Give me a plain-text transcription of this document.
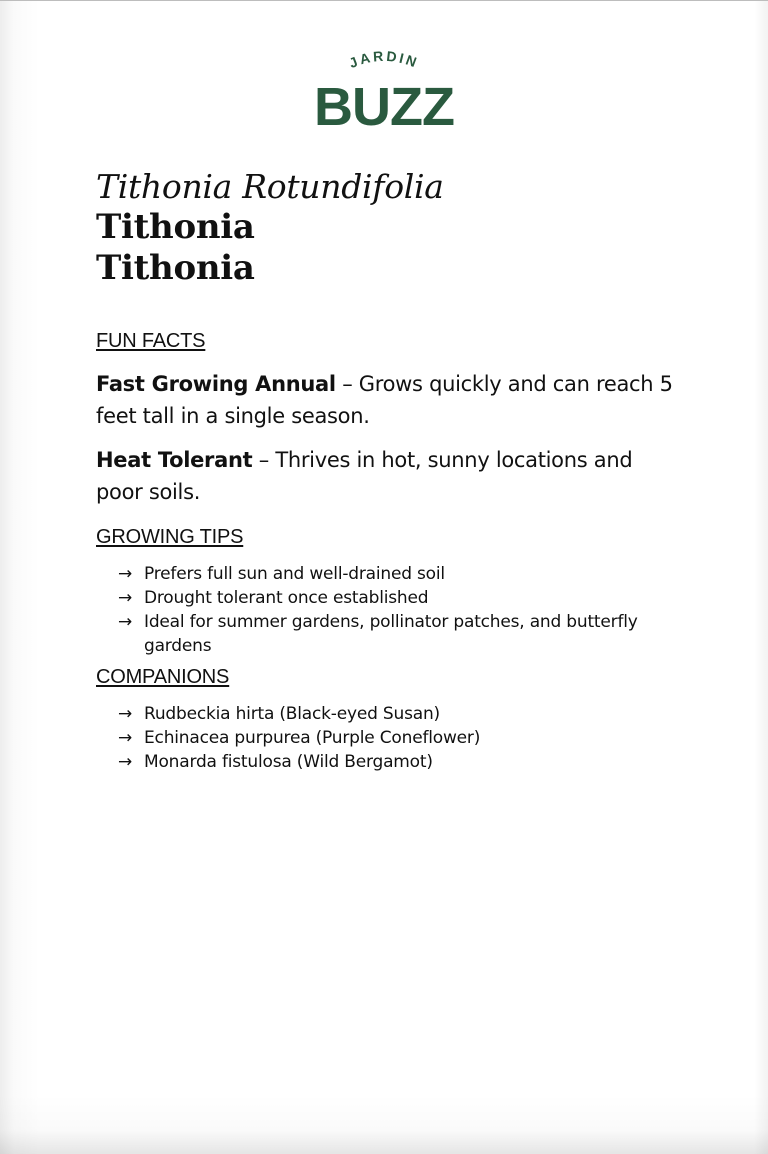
JARDIN
BUZZ
Tithonia Rotundifolia
Tithonia
Tithonia
FUN FACTS

Fast Growing Annual – Grows quickly and can reach 5 feet tall in a single season.

Heat Tolerant – Thrives in hot, sunny locations and poor soils.

GROWING TIPS
→ Prefers full sun and well-drained soil
→ Drought tolerant once established
→ Ideal for summer gardens, pollinator patches, and butterfly gardens
COMPANIONS
→ Rudbeckia hirta (Black-eyed Susan)
→ Echinacea purpurea (Purple Coneflower)
→ Monarda fistulosa (Wild Bergamot)
